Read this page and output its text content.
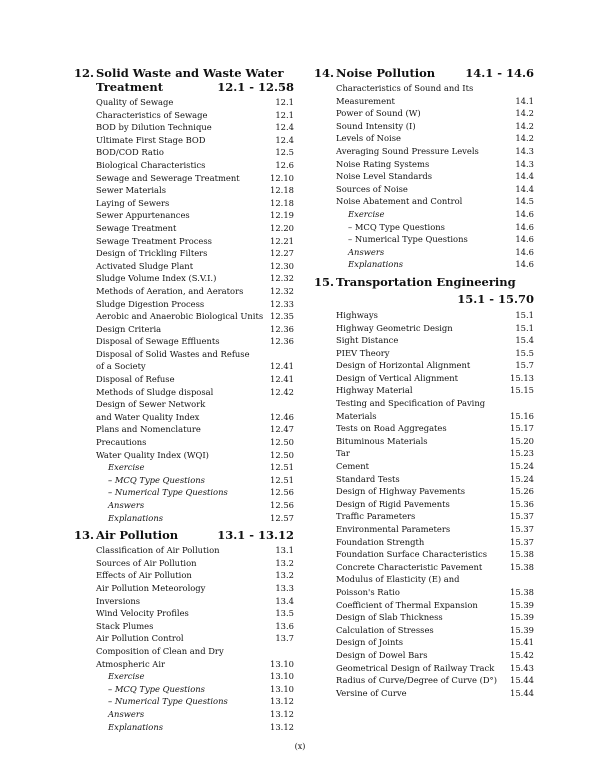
12. Solid Waste and Waste Water
Treatment	12.1 - 12.58
Quality of Sewage	12.1
Characteristics of Sewage	12.1
BOD by Dilution Technique	12.4
Ultimate First Stage BOD	12.4
BOD/COD Ratio	12.5
Biological Characteristics	12.6
Sewage and Sewerage Treatment	12.10
Sewer Materials	12.18
Laying of Sewers	12.18
Sewer Appurtenances	12.19
Sewage Treatment	12.20
Sewage Treatment Process	12.21
Design of Trickling Filters	12.27
Activated Sludge Plant	12.30
Sludge Volume Index (S.V.I.)	12.32
Methods of Aeration, and Aerators	12.32
Sludge Digestion Process	12.33
Aerobic and Anaerobic Biological Units 12.35
Design Criteria	12.36
Disposal of Sewage Effluents	12.36
Disposal of Solid Wastes and Refuse
of a Society	12.41
Disposal of Refuse	12.41
Methods of Sludge disposal	12.42
Design of Sewer Network
and Water Quality Index	12.46
Plans and Nomenclature	12.47
Precautions	12.50
Water Quality Index (WQI)	12.50
Exercise	12.51
– MCQ Type Questions	12.51
– Numerical Type Questions	12.56
Answers	12.56
Explanations	12.57
13. Air Pollution	13.1 - 13.12
Classification of Air Pollution	13.1
Sources of Air Pollution	13.2
Effects of Air Pollution	13.2
Air Pollution Meteorology	13.3
Inversions	13.4
Wind Velocity Profiles	13.5
Stack Plumes	13.6
Air Pollution Control	13.7
Composition of Clean and Dry
Atmospheric Air	13.10
Exercise	13.10
– MCQ Type Questions	13.10
– Numerical Type Questions	13.12
Answers	13.12
Explanations	13.12
14. Noise Pollution	14.1 - 14.6
Characteristics of Sound and Its
Measurement	14.1
Power of Sound (W)	14.2
Sound Intensity (I)	14.2
Levels of Noise	14.2
Averaging Sound Pressure Levels	14.3
Noise Rating Systems	14.3
Noise Level Standards	14.4
Sources of Noise	14.4
Noise Abatement and Control	14.5
Exercise	14.6
– MCQ Type Questions	14.6
– Numerical Type Questions	14.6
Answers	14.6
Explanations	14.6
15. Transportation Engineering
15.1 - 15.70
Highways	15.1
Highway Geometric Design	15.1
Sight Distance	15.4
PIEV Theory	15.5
Design of Horizontal Alignment	15.7
Design of Vertical Alignment	15.13
Highway Material	15.15
Testing and Specification of Paving
Materials	15.16
Tests on Road Aggregates	15.17
Bituminous Materials	15.20
Tar	15.23
Cement	15.24
Standard Tests	15.24
Design of Highway Pavements	15.26
Design of Rigid Pavements	15.36
Traffic Parameters	15.37
Environmental Parameters	15.37
Foundation Strength	15.37
Foundation Surface Characteristics	15.38
Concrete Characteristic Pavement	15.38
Modulus of Elasticity (E) and
Poisson's Ratio	15.38
Coefficient of Thermal Expansion	15.39
Design of Slab Thickness	15.39
Calculation of Stresses	15.39
Design of Joints	15.41
Design of Dowel Bars	15.42
Geometrical Design of Railway Track	15.43
Radius of Curve/Degree of Curve (D°)	15.44
Versine of Curve	15.44
(x)
